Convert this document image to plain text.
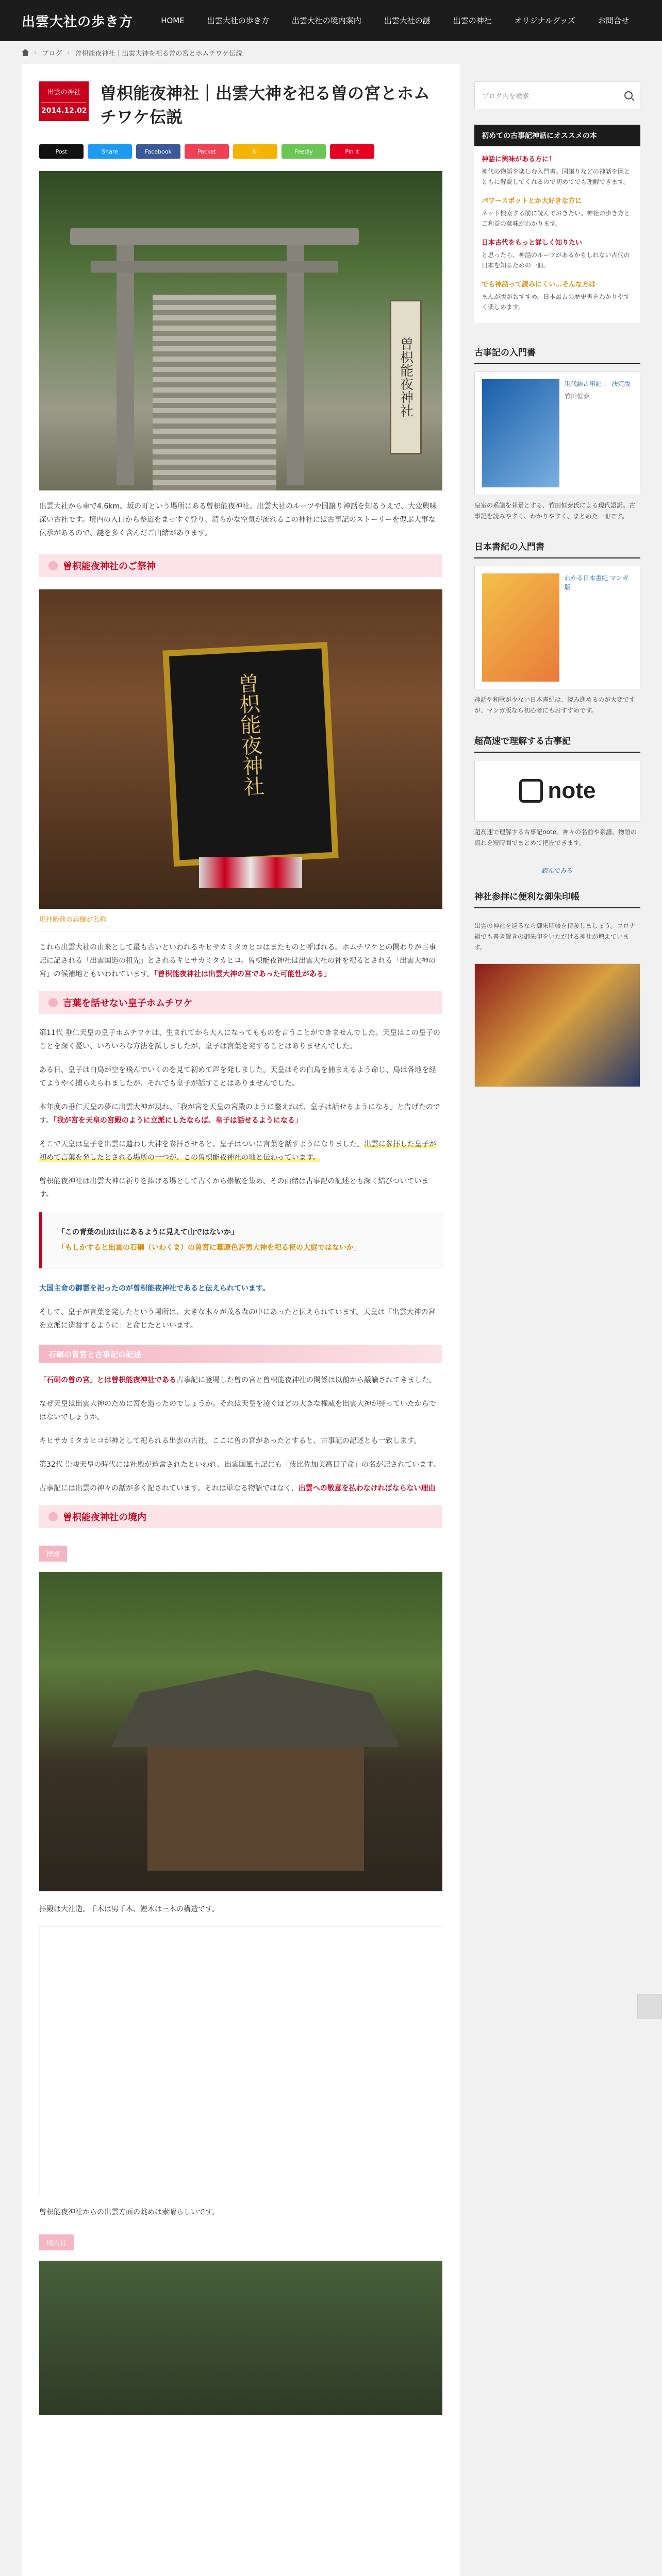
出雲大社の歩き方	HOME	出雲大社の歩き方	出雲大社の境内案内	出雲大社の謎	出雲の神社	オリジナルグッズ	お問合せ
› ブログ › 曽枳能夜神社｜出雲大神を祀る曽の宮とホムチワケ伝説
出雲の神社
2014.12.02
曽枳能夜神社｜出雲大神を祀る曽の宮とホムチワケ伝説
Post	Share	Facebook	Pocket	B!	Feedly	Pin it
曽枳能夜神社

出雲大社から車で4.6km。坂の町という場所にある曽枳能夜神社。出雲大社のルーツや国譲り神話を知るうえで、大変興味深い古社です。境内の入口から参道をまっすぐ登り、清らかな空気が流れるこの神社には古事記のストーリーを偲ぶ大事な伝承があるので、謎を多く含んだご由緒があります。

曽枳能夜神社のご祭神
曽枳能夜神社
現社殿前の扁額が名称

これら出雲大社の由来として最も古いといわれるキヒサカミタカヒコはまたものと呼ばれる。ホムチワケとの関わりが古事記に記される「出雲国造の祖先」とされるキヒサカミタカヒコ。曽枳能夜神社は出雲大社の神を祀るとされる「出雲大神の宮」の候補地ともいわれています。「曽枳能夜神社は出雲大神の宮であった可能性がある」

言葉を話せない皇子ホムチワケ

第11代 垂仁天皇の皇子ホムチワケは、生まれてから大人になってもものを言うことができませんでした。天皇はこの皇子のことを深く憂い、いろいろな方法を試しましたが、皇子は言葉を発することはありませんでした。

ある日、皇子は白鳥が空を飛んでいくのを見て初めて声を発しました。天皇はその白鳥を捕まえるよう命じ、鳥は各地を経てようやく捕らえられましたが、それでも皇子が話すことはありませんでした。

本年度の垂仁天皇の夢に出雲大神が現れ、「我が宮を天皇の宮殿のように整えれば、皇子は話せるようになる」と告げたのです。「我が宮を天皇の宮殿のように立派にしたならば、皇子は話せるようになる」

そこで天皇は皇子を出雲に遣わし大神を参拝させると、皇子はついに言葉を話すようになりました。出雲に参拝した皇子が初めて言葉を発したとされる場所の一つが、この曽枳能夜神社の地と伝わっています。

曽枳能夜神社は出雲大神に祈りを捧げる場として古くから崇敬を集め、その由緒は古事記の記述とも深く結びついています。

「この青葉の山は山にあるように見えて山ではないか」

「もしかすると出雲の石硐（いわくま）の曽宮に葦原色許男大神を祀る祝の大庭ではないか」

大国主命の御霊を祀ったのが曽枳能夜神社であると伝えられています。

そして、皇子が言葉を発したという場所は、大きな木々が茂る森の中にあったと伝えられています。天皇は「出雲大神の宮を立派に造営するように」と命じたといいます。

石硐の曽宮と古事記の記述

「石硐の曽の宮」とは曽枳能夜神社である古事記に登場した曽の宮と曽枳能夜神社の関係は以前から議論されてきました。

なぜ天皇は出雲大神のために宮を造ったのでしょうか。それは天皇を凌ぐほどの大きな権威を出雲大神が持っていたからではないでしょうか。

キヒサカミタカヒコが神として祀られる出雲の古社。ここに曽の宮があったとすると、古事記の記述とも一致します。

第32代 崇峻天皇の時代には社殿が造営されたといわれ、出雲国風土記にも「伎比佐加美高日子命」の名が記されています。

古事記には出雲の神々の話が多く記されています。それは単なる物語ではなく、出雲への敬意を払わなければならない理由

曽枳能夜神社の境内
拝殿

拝殿は大社造。千木は男千木、鰹木は三本の構造です。

曽枳能夜神社からの出雲方面の眺めは素晴らしいです。

境内社
ブログ内を検索
初めての古事記神話にオススメの本
神話に興味がある方に！
神代の物語を楽しむ入門書。国譲りなどの神話を図とともに解説してくれるので初めてでも理解できます。
パワースポットとか大好きな方に
ネット検索する前に読んでおきたい。神社の歩き方とご利益の意味がわかります。
日本古代をもっと詳しく知りたい
と思ったら、神話のルーツがあるかもしれない古代の日本を知るための一冊。
でも神話って読みにくい…そんな方は
まんが版がおすすめ。日本最古の歴史書をわかりやすく楽しめます。
古事記の入門書
現代語古事記 ： 決定版
竹田恒泰
皇室の系譜を背景とする、竹田恒泰氏による現代語訳。古事記を読みやすく、わかりやすく、まとめた一冊です。
日本書紀の入門書
わかる日本書紀 マンガ版
神話や和歌が少ない日本書紀は、読み進めるのが大変ですが、マンガ版なら初心者にもおすすめです。
超高速で理解する古事記
note
超高速で理解する古事記note。神々の名前や系譜、物語の流れを短時間でまとめて把握できます。
読んでみる
神社参拝に便利な御朱印帳
出雲の神社を巡るなら御朱印帳を持参しましょう。コロナ禍でも書き置きの御朱印をいただける神社が増えています。
